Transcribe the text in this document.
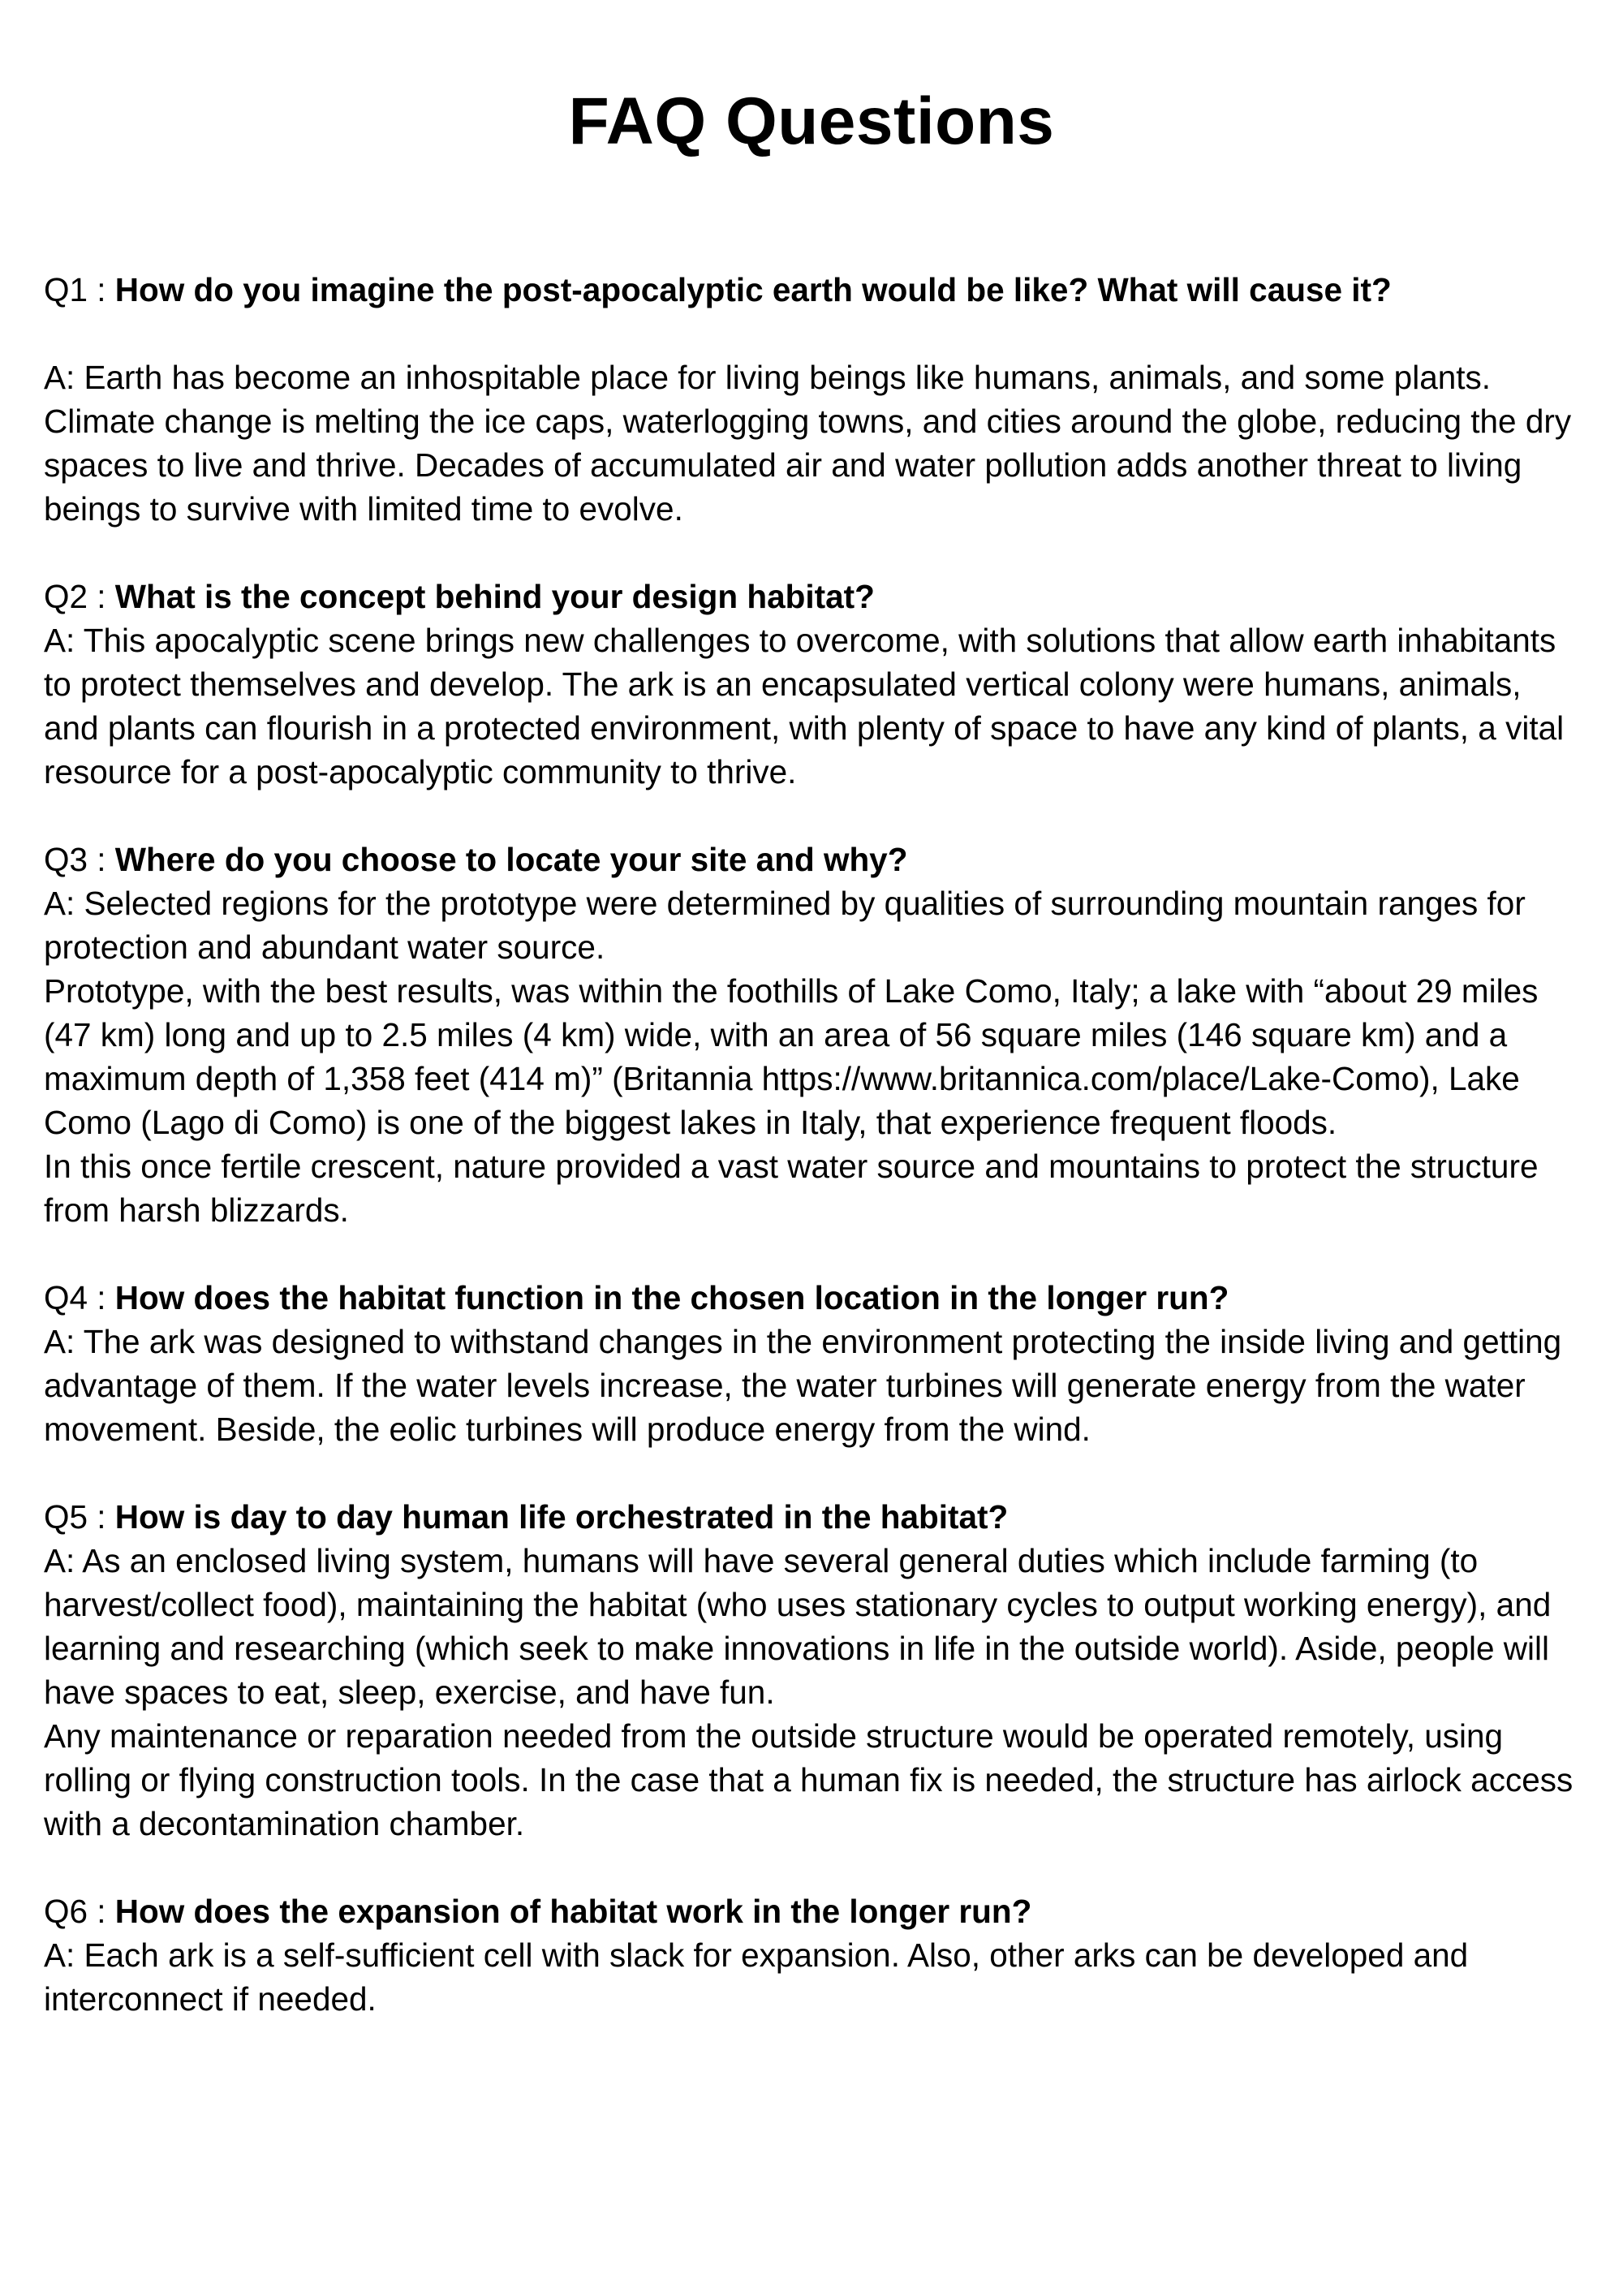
FAQ Questions

Q1 : How do you imagine the post-apocalyptic earth would be like? What will cause it?

A: Earth has become an inhospitable place for living beings like humans, animals, and some plants. Climate change is melting the ice caps, waterlogging towns, and cities around the globe, reducing the dry spaces to live and thrive. Decades of accumulated air and water pollution adds another threat to living beings to survive with limited time to evolve.

Q2 : What is the concept behind your design habitat?

A: This apocalyptic scene brings new challenges to overcome, with solutions that allow earth inhabitants to protect themselves and develop. The ark is an encapsulated vertical colony were humans, animals, and plants can flourish in a protected environment, with plenty of space to have any kind of plants, a vital resource for a post-apocalyptic community to thrive.

Q3 : Where do you choose to locate your site and why?

A: Selected regions for the prototype were determined by qualities of surrounding mountain ranges for protection and abundant water source.

Prototype, with the best results, was within the foothills of Lake Como, Italy; a lake with “about 29 miles (47 km) long and up to 2.5 miles (4 km) wide, with an area of 56 square miles (146 square km) and a maximum depth of 1,358 feet (414 m)” (Britannia https://www.britannica.com/place/Lake-Como), Lake Como (Lago di Como) is one of the biggest lakes in Italy, that experience frequent floods.

In this once fertile crescent, nature provided a vast water source and mountains to protect the structure from harsh blizzards.

Q4 : How does the habitat function in the chosen location in the longer run?

A: The ark was designed to withstand changes in the environment protecting the inside living and getting advantage of them. If the water levels increase, the water turbines will generate energy from the water movement. Beside, the eolic turbines will produce energy from the wind.

Q5 : How is day to day human life orchestrated in the habitat?

A: As an enclosed living system, humans will have several general duties which include farming (to harvest/collect food), maintaining the habitat (who uses stationary cycles to output working energy), and learning and researching (which seek to make innovations in life in the outside world). Aside, people will have spaces to eat, sleep, exercise, and have fun.

Any maintenance or reparation needed from the outside structure would be operated remotely, using rolling or flying construction tools. In the case that a human fix is needed, the structure has airlock access with a decontamination chamber.

Q6 : How does the expansion of habitat work in the longer run?

A: Each ark is a self-sufficient cell with slack for expansion. Also, other arks can be developed and interconnect if needed.
